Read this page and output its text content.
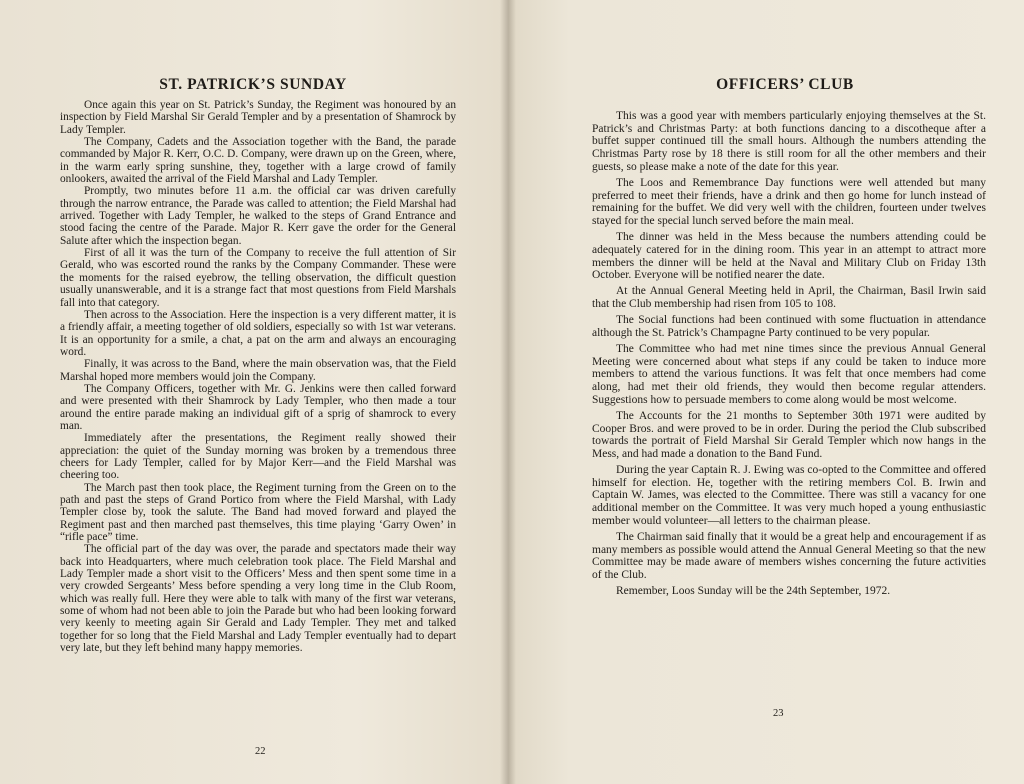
ST. PATRICK’S SUNDAY

Once again this year on St. Patrick’s Sunday, the Regiment was honoured by an inspection by Field Marshal Sir Gerald Templer and by a presentation of Shamrock by Lady Templer.

The Company, Cadets and the Association together with the Band, the parade commanded by Major R. Kerr, O.C. D. Company, were drawn up on the Green, where, in the warm early spring sunshine, they, together with a large crowd of family onlookers, awaited the arrival of the Field Marshal and Lady Templer.

Promptly, two minutes before 11 a.m. the official car was driven carefully through the narrow entrance, the Parade was called to attention; the Field Marshal had arrived. Together with Lady Templer, he walked to the steps of Grand Entrance and stood facing the centre of the Parade. Major R. Kerr gave the order for the General Salute after which the inspection began.

First of all it was the turn of the Company to receive the full attention of Sir Gerald, who was escorted round the ranks by the Company Commander. These were the moments for the raised eyebrow, the telling observation, the difficult question usually unanswerable, and it is a strange fact that most questions from Field Marshals fall into that category.

Then across to the Association. Here the inspection is a very different matter, it is a friendly affair, a meeting together of old soldiers, especially so with 1st war veterans. It is an opportunity for a smile, a chat, a pat on the arm and always an encouraging word.

Finally, it was across to the Band, where the main observation was, that the Field Marshal hoped more members would join the Company.

The Company Officers, together with Mr. G. Jenkins were then called forward and were presented with their Shamrock by Lady Templer, who then made a tour around the entire parade making an individual gift of a sprig of shamrock to every man.

Immediately after the presentations, the Regiment really showed their appreciation: the quiet of the Sunday morning was broken by a tremendous three cheers for Lady Templer, called for by Major Kerr—and the Field Marshal was cheering too.

The March past then took place, the Regiment turning from the Green on to the path and past the steps of Grand Portico from where the Field Marshal, with Lady Templer close by, took the salute. The Band had moved forward and played the Regiment past and then marched past themselves, this time playing ‘Garry Owen’ in “rifle pace” time.

The official part of the day was over, the parade and spectators made their way back into Headquarters, where much celebration took place. The Field Marshal and Lady Templer made a short visit to the Officers’ Mess and then spent some time in a very crowded Sergeants’ Mess before spending a very long time in the Club Room, which was really full. Here they were able to talk with many of the first war veterans, some of whom had not been able to join the Parade but who had been looking forward very keenly to meeting again Sir Gerald and Lady Templer. They met and talked together for so long that the Field Marshal and Lady Templer eventually had to depart very late, but they left behind many happy memories.

22
OFFICERS’ CLUB

This was a good year with members particularly enjoying themselves at the St. Patrick’s and Christmas Party: at both functions dancing to a discotheque after a buffet supper continued till the small hours. Although the numbers attending the Christmas Party rose by 18 there is still room for all the other members and their guests, so please make a note of the date for this year.

The Loos and Remembrance Day functions were well attended but many preferred to meet their friends, have a drink and then go home for lunch instead of remaining for the buffet. We did very well with the children, fourteen under twelves stayed for the special lunch served before the main meal.

The dinner was held in the Mess because the numbers attending could be adequately catered for in the dining room. This year in an attempt to attract more members the dinner will be held at the Naval and Military Club on Friday 13th October. Everyone will be notified nearer the date.

At the Annual General Meeting held in April, the Chairman, Basil Irwin said that the Club membership had risen from 105 to 108.

The Social functions had been continued with some fluctuation in attendance although the St. Patrick’s Champagne Party continued to be very popular.

The Committee who had met nine times since the previous Annual General Meeting were concerned about what steps if any could be taken to induce more members to attend the various functions. It was felt that once members had come along, had met their old friends, they would then become regular attenders. Suggestions how to persuade members to come along would be most welcome.

The Accounts for the 21 months to September 30th 1971 were audited by Cooper Bros. and were proved to be in order. During the period the Club subscribed towards the portrait of Field Marshal Sir Gerald Templer which now hangs in the Mess, and had made a donation to the Band Fund.

During the year Captain R. J. Ewing was co-opted to the Committee and offered himself for election. He, together with the retiring members Col. B. Irwin and Captain W. James, was elected to the Committee. There was still a vacancy for one additional member on the Committee. It was very much hoped a young enthusiastic member would volunteer—all letters to the chairman please.

The Chairman said finally that it would be a great help and encouragement if as many members as possible would attend the Annual General Meeting so that the new Committee may be made aware of members wishes concerning the future activities of the Club.

Remember, Loos Sunday will be the 24th September, 1972.

23
